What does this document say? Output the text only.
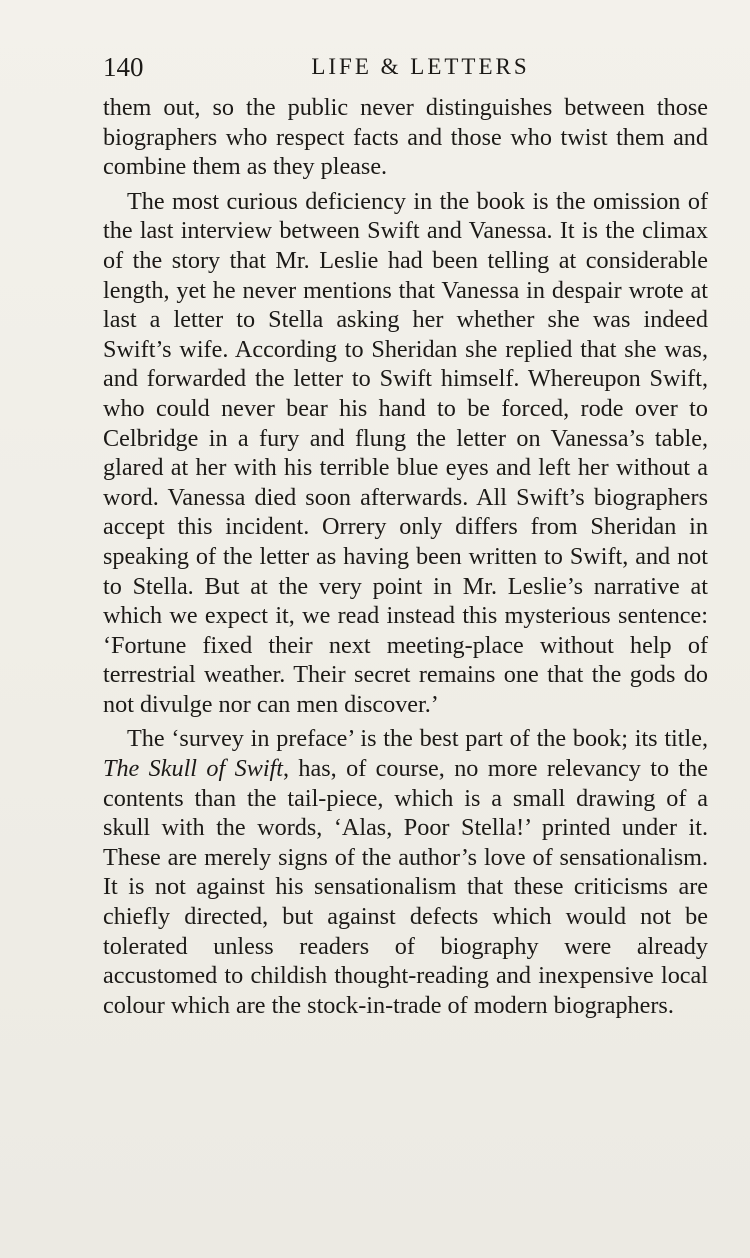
140	LIFE & LETTERS

them out, so the public never distinguishes between those biographers who respect facts and those who twist them and combine them as they please.

The most curious deficiency in the book is the omission of the last interview between Swift and Vanessa. It is the climax of the story that Mr. Leslie had been telling at considerable length, yet he never mentions that Vanessa in despair wrote at last a letter to Stella asking her whether she was indeed Swift’s wife. According to Sheridan she replied that she was, and forwarded the letter to Swift himself. Whereupon Swift, who could never bear his hand to be forced, rode over to Celbridge in a fury and flung the letter on Vanessa’s table, glared at her with his terrible blue eyes and left her without a word. Vanessa died soon afterwards. All Swift’s biographers accept this incident. Orrery only differs from Sheridan in speaking of the letter as having been written to Swift, and not to Stella. But at the very point in Mr. Leslie’s narrative at which we expect it, we read instead this mysterious sentence: ‘Fortune fixed their next meeting-place without help of terrestrial weather. Their secret remains one that the gods do not divulge nor can men discover.’

The ‘survey in preface’ is the best part of the book; its title, The Skull of Swift, has, of course, no more relevancy to the contents than the tail-piece, which is a small drawing of a skull with the words, ‘Alas, Poor Stella!’ printed under it. These are merely signs of the author’s love of sensationalism. It is not against his sensationalism that these criticisms are chiefly directed, but against defects which would not be tolerated unless readers of biography were already accustomed to childish thought-reading and inexpensive local colour which are the stock-in-trade of modern biographers.
